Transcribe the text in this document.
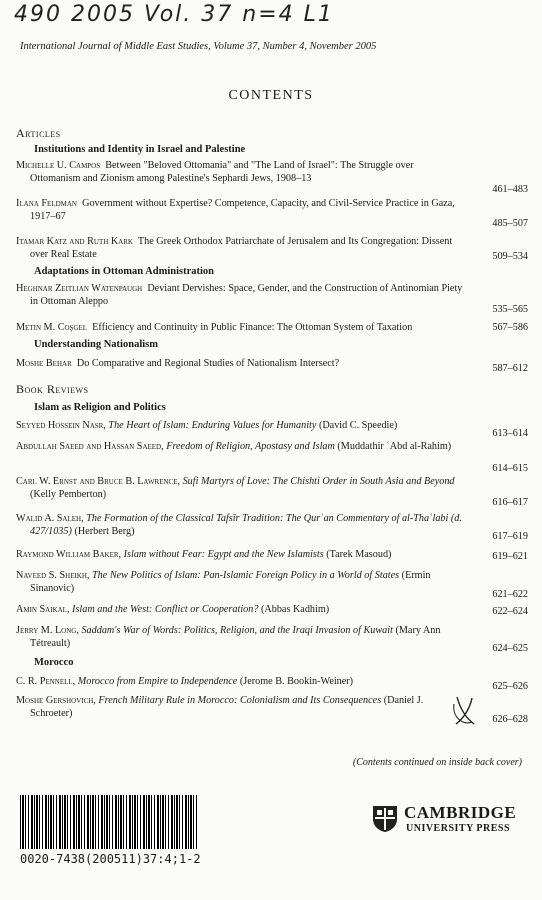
490 2005 Vol. 37 n=4 L1
International Journal of Middle East Studies, Volume 37, Number 4, November 2005
CONTENTS
Articles
Institutions and Identity in Israel and Palestine
Michelle U. Campos Between "Beloved Ottomania" and "The Land of Israel": The Struggle over Ottomanism and Zionism among Palestine's Sephardi Jews, 1908–13
461–483
Ilana Feldman Government without Expertise? Competence, Capacity, and Civil-Service Practice in Gaza, 1917–67
485–507
Itamar Katz and Ruth Kark The Greek Orthodox Patriarchate of Jerusalem and Its Congregation: Dissent over Real Estate	509–534
Adaptations in Ottoman Administration
Heghnar Zeitlian Watenpaugh Deviant Dervishes: Space, Gender, and the Construction of Antinomian Piety in Ottoman Aleppo
535–565
Metin M. Coşgel Efficiency and Continuity in Public Finance: The Ottoman System of Taxation	567–586
Understanding Nationalism
Moshe Behar Do Comparative and Regional Studies of Nationalism Intersect?	587–612
Book Reviews
Islam as Religion and Politics
Seyyed Hossein Nasr, The Heart of Islam: Enduring Values for Humanity (David C. Speedie)
613–614
Abdullah Saeed and Hassan Saeed, Freedom of Religion, Apostasy and Islam (Muddathir ʿAbd al-Rahim)
614–615
Carl W. Ernst and Bruce B. Lawrence, Sufi Martyrs of Love: The Chishti Order in South Asia and Beyond (Kelly Pemberton)
616–617
Walid A. Saleh, The Formation of the Classical Tafsīr Tradition: The Qurʾan Commentary of al-Thaʿlabi (d. 427/1035) (Herbert Berg)	617–619
Raymond William Baker, Islam without Fear: Egypt and the New Islamists (Tarek Masoud)	619–621
Naveed S. Sheikh, The New Politics of Islam: Pan-Islamic Foreign Policy in a World of States (Ermin Sinanovic)
621–622
Amin Saikal, Islam and the West: Conflict or Cooperation? (Abbas Kadhim)	622–624
Jerry M. Long, Saddam's War of Words: Politics, Religion, and the Iraqi Invasion of Kuwait (Mary Ann Tétreault)	624–625
Morocco
C. R. Pennell, Morocco from Empire to Independence (Jerome B. Bookin-Weiner)	625–626
Moshe Gershovich, French Military Rule in Morocco: Colonialism and Its Consequences (Daniel J. Schroeter)
626–628
(Contents continued on inside back cover)
0020-7438(200511)37:4;1-2
CAMBRIDGE
UNIVERSITY PRESS
